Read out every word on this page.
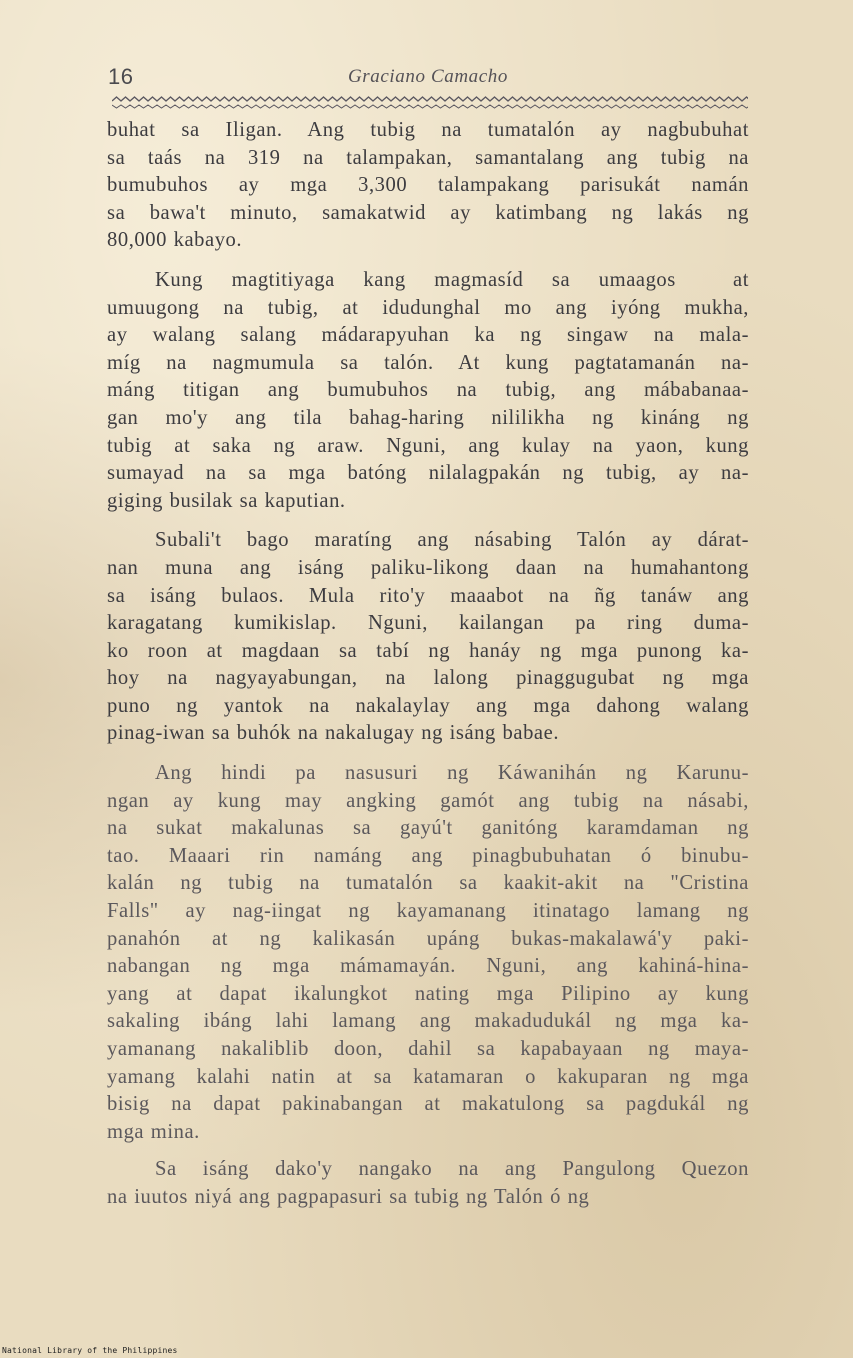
16	Graciano Camacho
buhat sa Iligan. Ang tubig na tumatalón ay nagbubuhat
sa taás na 319 na talampakan, samantalang ang tubig na
bumubuhos ay mga 3,300 talampakang parisukát namán
sa bawa't minuto, samakatwid ay katimbang ng lakás ng
80,000 kabayo.
Kung magtitiyaga kang magmasíd sa umaagos  at
umuugong na tubig, at idudunghal mo ang iyóng mukha,
ay walang salang mádarapyuhan ka ng singaw na mala-
míg na nagmumula sa talón. At kung pagtatamanán na-
máng titigan ang bumubuhos na tubig, ang mábabanaa-
gan mo'y ang tila bahag-haring nililikha ng kináng ng
tubig at saka ng araw. Nguni, ang kulay na yaon, kung
sumayad na sa mga batóng nilalagpakán ng tubig, ay na-
giging busilak sa kaputian.
Subali't bago maratíng ang násabing Talón ay dárat-
nan muna ang isáng paliku-likong daan na humahantong
sa isáng bulaos. Mula rito'y maaabot na ñg tanáw ang
karagatang kumikislap. Nguni, kailangan pa ring duma-
ko roon at magdaan sa tabí ng hanáy ng mga punong ka-
hoy na nagyayabungan, na lalong pinaggugubat ng mga
puno ng yantok na nakalaylay ang mga dahong walang
pinag-iwan sa buhók na nakalugay ng isáng babae.
Ang hindi pa nasusuri ng Káwanihán ng Karunu-
ngan ay kung may angking gamót ang tubig na násabi,
na sukat makalunas sa gayú't ganitóng karamdaman ng
tao. Maaari rin namáng ang pinagbubuhatan ó binubu-
kalán ng tubig na tumatalón sa kaakit-akit na "Cristina
Falls" ay nag-iingat ng kayamanang itinatago lamang ng
panahón at ng kalikasán upáng bukas-makalawá'y paki-
nabangan ng mga mámamayán. Nguni, ang kahiná-hina-
yang at dapat ikalungkot nating mga Pilipino ay kung
sakaling ibáng lahi lamang ang makadudukál ng mga ka-
yamanang nakaliblib doon, dahil sa kapabayaan ng maya-
yamang kalahi natin at sa katamaran o kakuparan ng mga
bisig na dapat pakinabangan at makatulong sa pagdukál ng
mga mina.
Sa isáng dako'y nangako na ang Pangulong Quezon
na iuutos niyá ang pagpapasuri sa tubig ng Talón ó ng
National Library of the Philippines
